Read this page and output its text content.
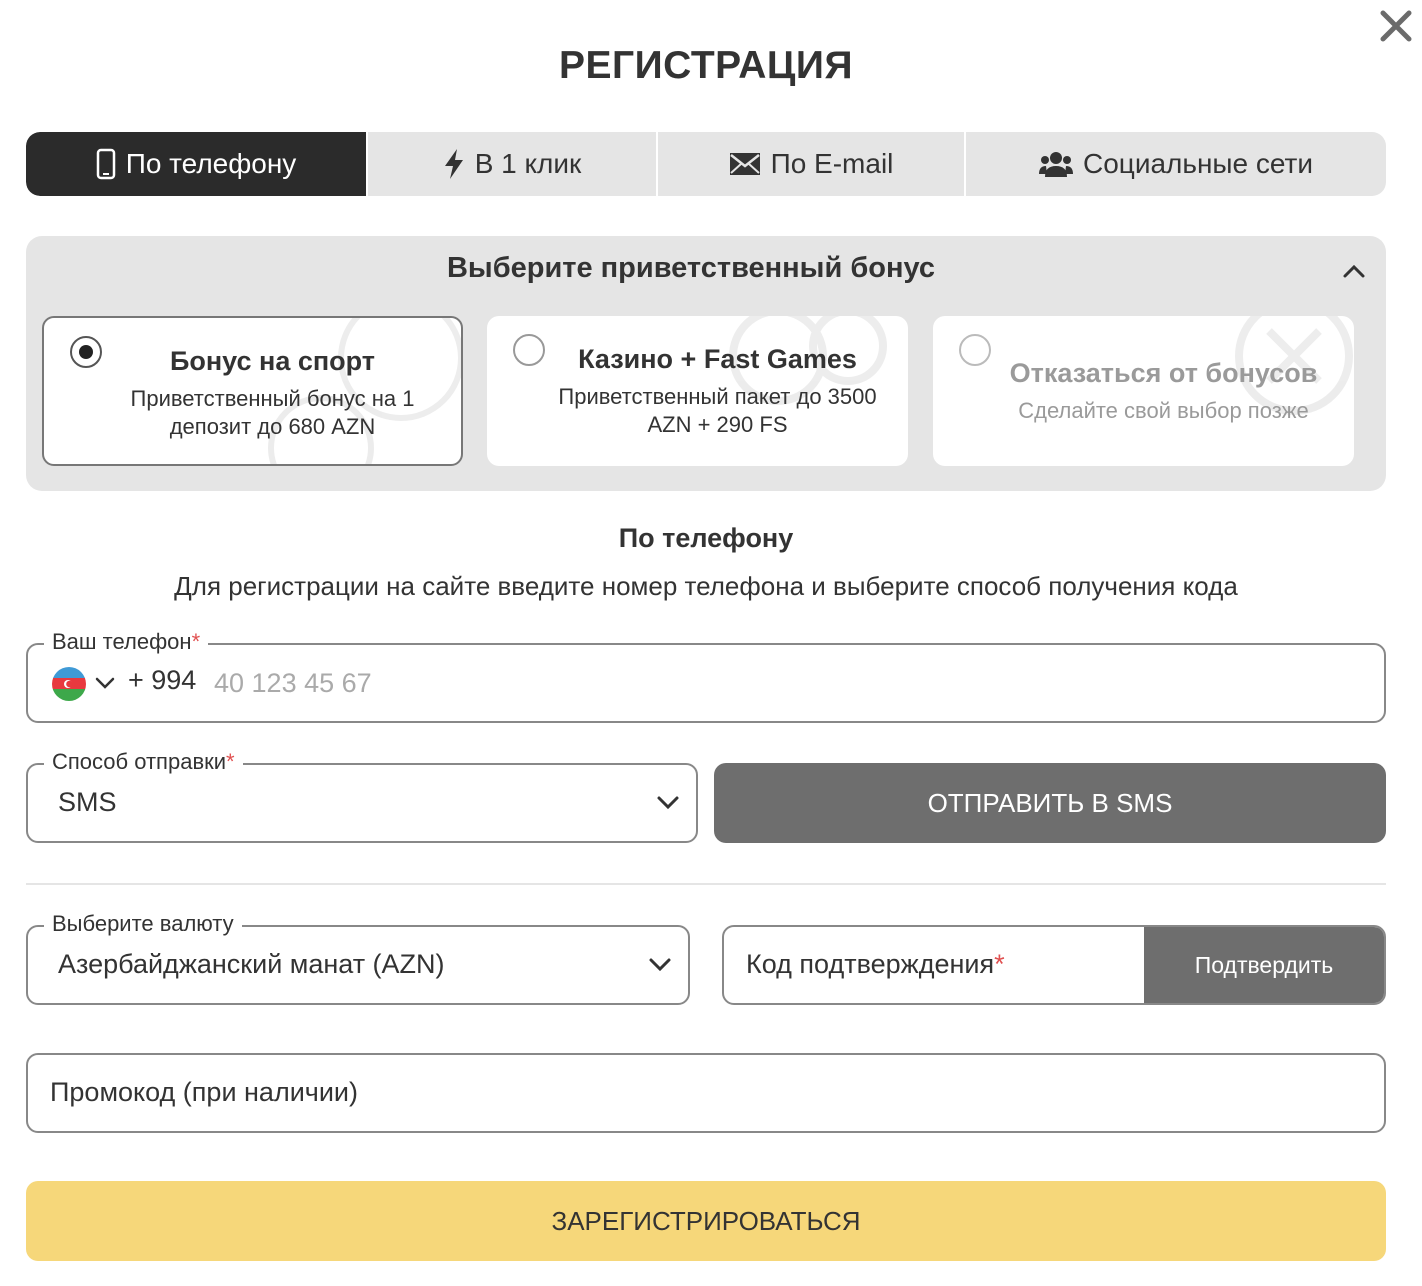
РЕГИСТРАЦИЯ
По телефону	В 1 клик	По E-mail	Социальные сети
Выберите приветственный бонус
Бонус на спорт
Приветственный бонус на 1 депозит до 680 AZN
Казино + Fast Games
Приветственный пакет до 3500 AZN + 290 FS
Отказаться от бонусов
Сделайте свой выбор позже
По телефону
Для регистрации на сайте введите номер телефона и выберите способ получения кода
Ваш телефон*
+ 994
40 123 45 67
Способ отправки*
SMS	ОТПРАВИТЬ В SMS
Выберите валюту
Азербайджанский манат (AZN)	Код подтверждения*	Подтвердить
Промокод (при наличии)
ЗАРЕГИСТРИРОВАТЬСЯ
